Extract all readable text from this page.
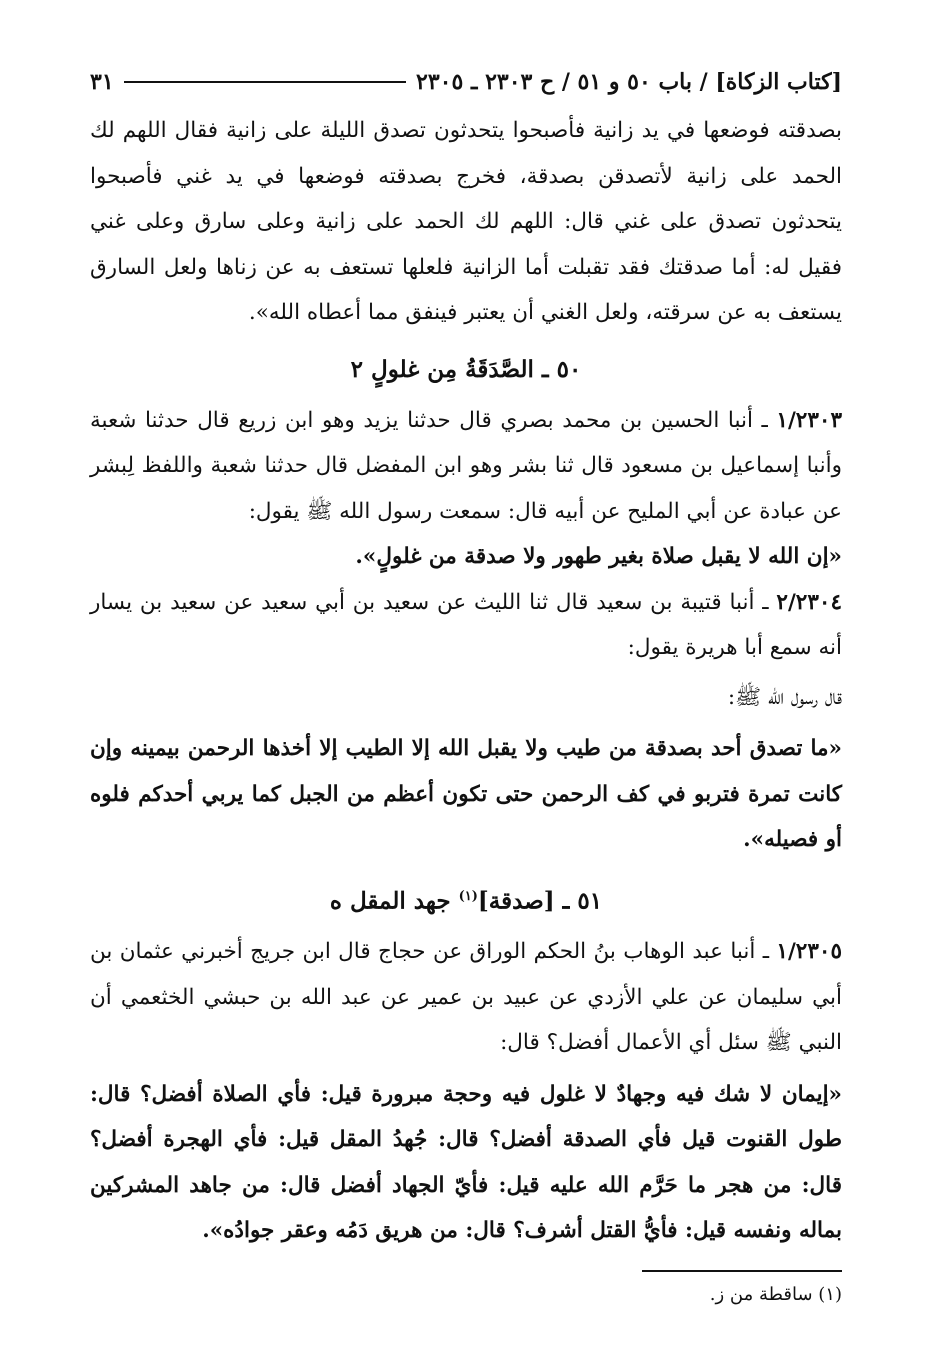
[كتاب الزكاة] / باب ٥٠ و ٥١ / ح ٢٣٠٣ ـ ٢٣٠٥
٣١

بصدقته فوضعها في يد زانية فأصبحوا يتحدثون تصدق الليلة على زانية فقال اللهم لك الحمد على زانية لأتصدقن بصدقة، فخرج بصدقته فوضعها في يد غني فأصبحوا يتحدثون تصدق على غني قال: اللهم لك الحمد على زانية وعلى سارق وعلى غني فقيل له: أما صدقتك فقد تقبلت أما الزانية فلعلها تستعف به عن زناها ولعل السارق يستعف به عن سرقته، ولعل الغني أن يعتبر فينفق مما أعطاه الله».

٥٠ ـ الصَّدَقَةُ مِن غلولٍ ۲

١/٢٣٠٣ ـ أنبا الحسين بن محمد بصري قال حدثنا يزيد وهو ابن زريع قال حدثنا شعبة وأنبا إسماعيل بن مسعود قال ثنا بشر وهو ابن المفضل قال حدثنا شعبة واللفظ لِبشر عن عبادة عن أبي المليح عن أبيه قال: سمعت رسول الله ﷺ يقول:

«إن الله لا يقبل صلاة بغير طهور ولا صدقة من غلولٍ».

٢/٢٣٠٤ ـ أنبا قتيبة بن سعيد قال ثنا الليث عن سعيد بن أبي سعيد عن سعيد بن يسار أنه سمع أبا هريرة يقول:

قال رسول الله ﷺ:

«ما تصدق أحد بصدقة من طيب ولا يقبل الله إلا الطيب إلا أخذها الرحمن بيمينه وإن كانت تمرة فتربو في كف الرحمن حتى تكون أعظم من الجبل كما يربي أحدكم فلوه أو فصيله».

٥١ ـ [صدقة]$^{(١)}$ جهد المقل ه

١/٢٣٠٥ ـ أنبا عبد الوهاب بنُ الحكم الوراق عن حجاج قال ابن جريج أخبرني عثمان بن أبي سليمان عن علي الأزدي عن عبيد بن عمير عن عبد الله بن حبشي الخثعمي أن النبي ﷺ سئل أي الأعمال أفضل؟ قال:

«إيمان لا شك فيه وجهادٌ لا غلول فيه وحجة مبرورة قيل: فأي الصلاة أفضل؟ قال: طول القنوت قيل فأي الصدقة أفضل؟ قال: جُهدُ المقل قيل: فأي الهجرة أفضل؟ قال: من هجر ما حَرَّم الله عليه قيل: فأيّ الجهاد أفضل قال: من جاهد المشركين بماله ونفسه قيل: فأيُّ القتل أشرف؟ قال: من هريق دَمُه وعقر جوادُه».

(١) ساقطة من ز.
